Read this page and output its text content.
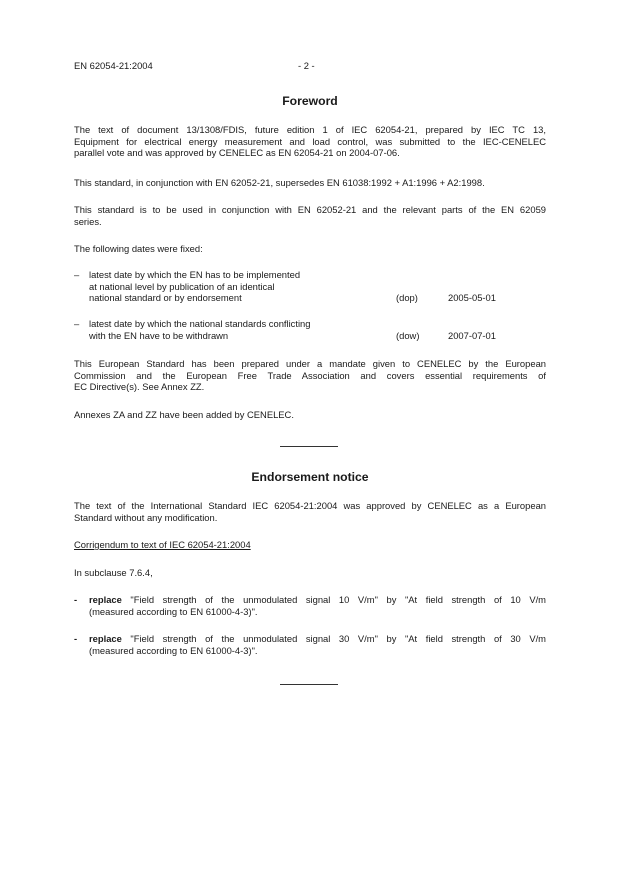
EN 62054-21:2004	- 2 -
Foreword
The text of document 13/1308/FDIS, future edition 1 of IEC 62054-21, prepared by IEC TC 13,
Equipment for electrical energy measurement and load control, was submitted to the IEC-CENELEC
parallel vote and was approved by CENELEC as EN 62054-21 on 2004-07-06.
This standard, in conjunction with EN 62052-21, supersedes EN 61038:1992 + A1:1996 + A2:1998.
This standard is to be used in conjunction with EN 62052-21 and the relevant parts of the EN 62059
series.
The following dates were fixed:
– latest date by which the EN has to be implemented
at national level by publication of an identical
national standard or by endorsement	(dop)	2005-05-01
– latest date by which the national standards conflicting
with the EN have to be withdrawn	(dow)	2007-07-01
This European Standard has been prepared under a mandate given to CENELEC by the European
Commission and the European Free Trade Association and covers essential requirements of
EC Directive(s). See Annex ZZ.
Annexes ZA and ZZ have been added by CENELEC.
Endorsement notice
The text of the International Standard IEC 62054-21:2004 was approved by CENELEC as a European
Standard without any modification.
Corrigendum to text of IEC 62054-21:2004
In subclause 7.6.4,
- replace "Field strength of the unmodulated signal 10 V/m" by "At field strength of 10 V/m
(measured according to EN 61000-4-3)".
- replace "Field strength of the unmodulated signal 30 V/m" by "At field strength of 30 V/m
(measured according to EN 61000-4-3)".
